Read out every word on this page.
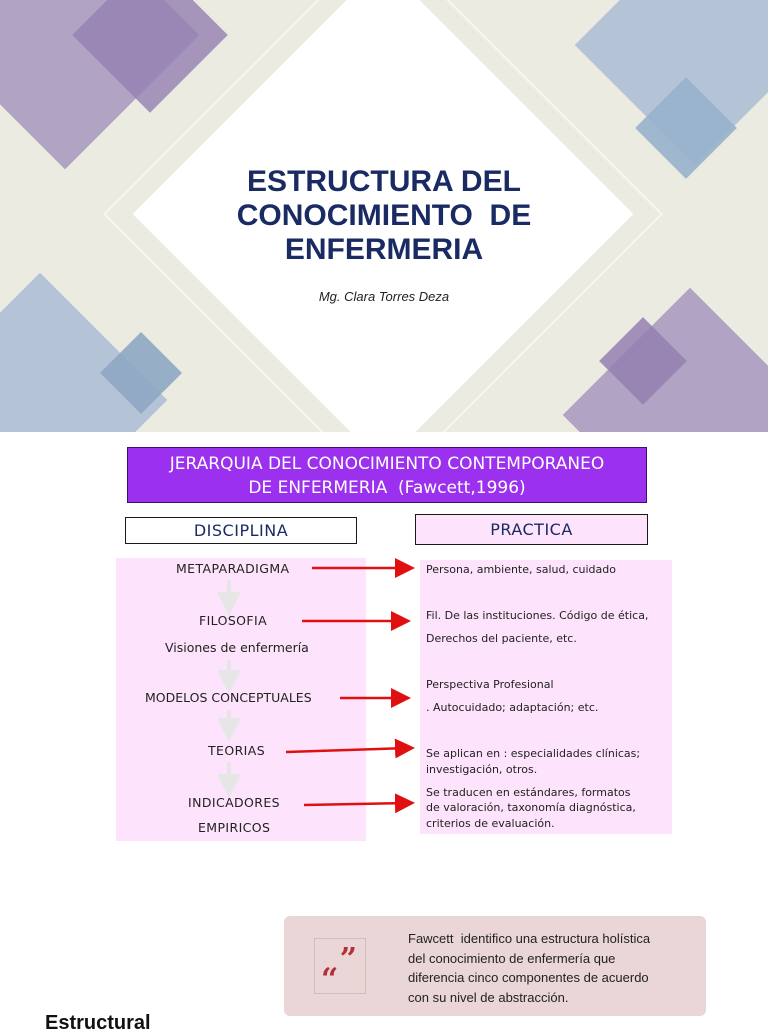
ESTRUCTURA DEL
CONOCIMIENTO  DE
ENFERMERIA
Mg. Clara Torres Deza
JERARQUIA DEL CONOCIMIENTO CONTEMPORANEO
DE ENFERMERIA  (Fawcett,1996)
DISCIPLINA	PRACTICA
METAPARADIGMA
FILOSOFIA
Visiones de enfermería
MODELOS CONCEPTUALES
TEORIAS
INDICADORES
EMPIRICOS
Persona, ambiente, salud, cuidado
Fil. De las instituciones. Código de ética,
Derechos del paciente, etc.
Perspectiva Profesional
. Autocuidado; adaptación; etc.
Se aplican en : especialidades clínicas;
investigación, otros.
Se traducen en estándares, formatos
de valoración, taxonomía diagnóstica,
criterios de evaluación.
”
“
Fawcett  identifico una estructura holística
del conocimiento de enfermería que
diferencia cinco componentes de acuerdo
con su nivel de abstracción.
Estructural
